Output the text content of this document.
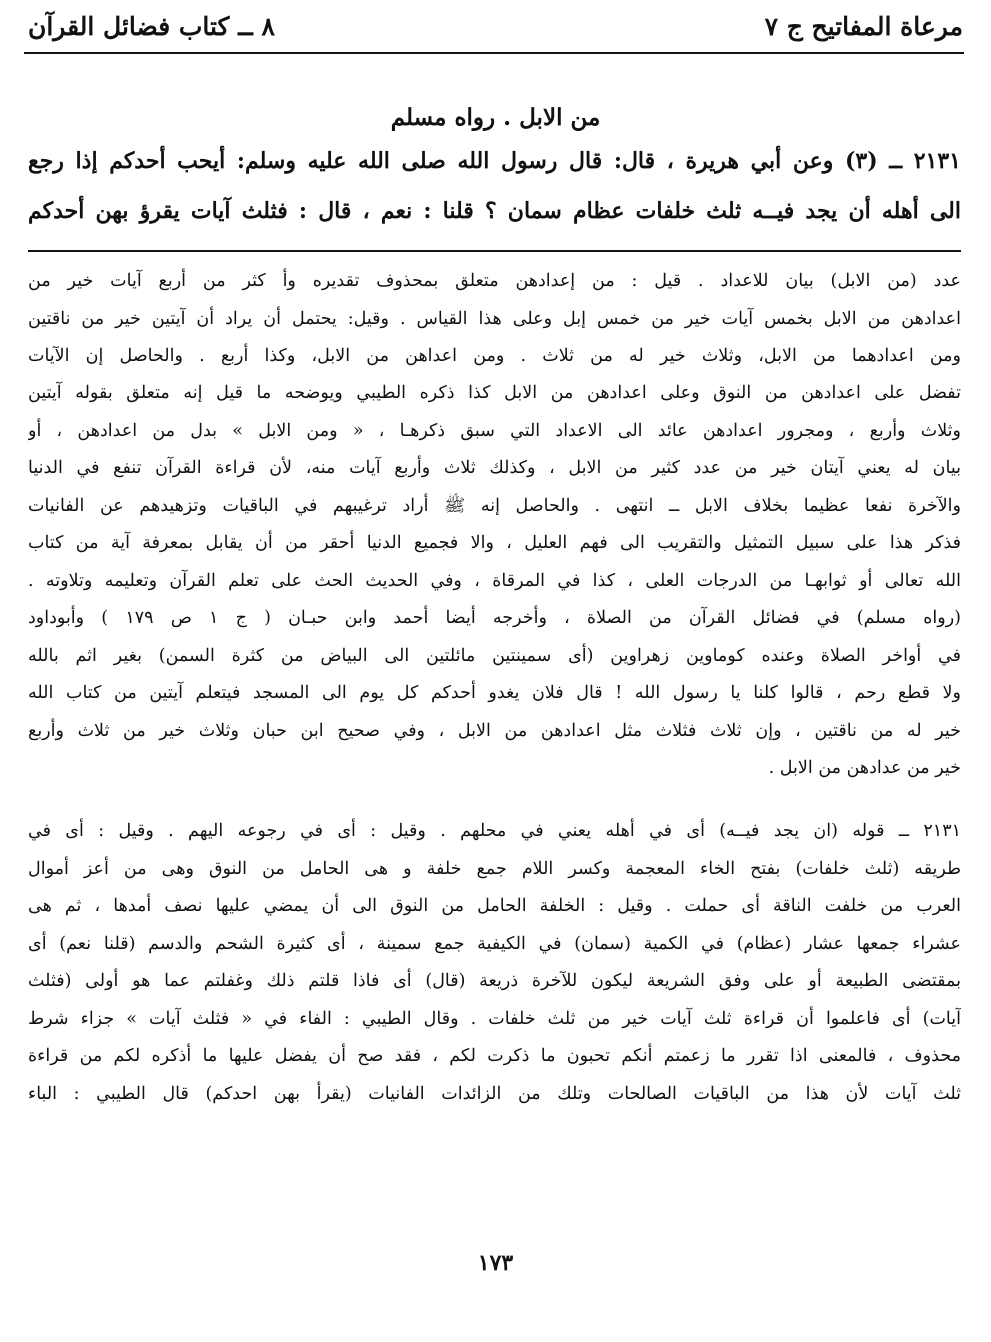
مرعاة المفاتيح ج ٧
٨ ــ كتاب فضائل القرآن
من الابل . رواه مسلم
٢١٣١ ــ (٣) وعن أبي هريرة ، قال: قال رسول الله صلى الله عليه وسلم: أيحب أحدكم إذا رجع
الى أهله أن يجد فيــه ثلث خلفات عظام سمان ؟ قلنا : نعم ، قال : فثلث آيات يقرؤ بهن أحدكم
عدد (من الابل) بيان للاعداد . قيل : من إعدادهن متعلق بمحذوف تقديره وأ كثر من أربع آيات خير من
اعدادهن من الابل بخمس آيات خير من خمس إبل وعلى هذا القياس . وقيل: يحتمل أن يراد أن آيتين خير من ناقتين
ومن اعدادهما من الابل، وثلاث خير له من ثلاث . ومن اعداهن من الابل، وكذا أربع . والحاصل إن الآيات
تفضل على اعدادهن من النوق وعلى اعدادهن من الابل كذا ذكره الطيبي ويوضحه ما قيل إنه متعلق بقوله آيتين
وثلاث وأربع ، ومجرور اعدادهن عائد الى الاعداد التي سبق ذكرهـا ، « ومن الابل » بدل من اعدادهن ، أو
بيان له يعني آيتان خير من عدد كثير من الابل ، وكذلك ثلاث وأربع آيات منه، لأن قراءة القرآن تنفع في الدنيا
والآخرة نفعا عظيما بخلاف الابل ــ انتهى . والحاصل إنه ﷺ أراد ترغيبهم في الباقيات وتزهيدهم عن الفانيات
فذكر هذا على سبيل التمثيل والتقريب الى فهم العليل ، والا فجميع الدنيا أحقر من أن يقابل بمعرفة آية من كتاب
الله تعالى أو ثوابهـا من الدرجات العلى ، كذا في المرقاة ، وفي الحديث الحث على تعلم القرآن وتعليمه وتلاوته .
(رواه مسلم) في فضائل القرآن من الصلاة ، وأخرجه أيضا أحمد وابن حبـان ( ج ١ ص ١٧٩ ) وأبوداود
في أواخر الصلاة وعنده كوماوين زهراوين (أى سمينتين مائلتين الى البياض من كثرة السمن) بغير اثم بالله
ولا قطع رحم ، قالوا كلنا يا رسول الله ! قال فلان يغدو أحدكم كل يوم الى المسجد فيتعلم آيتين من كتاب الله
خير له من ناقتين ، وإن ثلاث فثلاث مثل اعدادهن من الابل ، وفي صحيح ابن حبان وثلاث خير من ثلاث وأربع
خير من عدادهن من الابل .
٢١٣١ ــ قوله (ان يجد فيــه) أى في أهله يعني في محلهم . وقيل : أى في رجوعه اليهم . وقيل : أى في
طريقه (ثلث خلفات) بفتح الخاء المعجمة وكسر اللام جمع خلفة و هى الحامل من النوق وهى من أعز أموال
العرب من خلفت الناقة أى حملت . وقيل : الخلفة الحامل من النوق الى أن يمضي عليها نصف أمدها ، ثم هى
عشراء جمعها عشار (عظام) في الكمية (سمان) في الكيفية جمع سمينة ، أى كثيرة الشحم والدسم (قلنا نعم) أى
بمقتضى الطبيعة أو على وفق الشريعة ليكون للآخرة ذريعة (قال) أى فاذا قلتم ذلك وغفلتم عما هو أولى (فثلث
آيات) أى فاعلموا أن قراءة ثلث آيات خير من ثلث خلفات . وقال الطيبي : الفاء في « فثلث آيات » جزاء شرط
محذوف ، فالمعنى اذا تقرر ما زعمتم أنكم تحبون ما ذكرت لكم ، فقد صح أن يفضل عليها ما أذكره لكم من قراءة
ثلث آيات لأن هذا من الباقيات الصالحات وتلك من الزائدات الفانيات (يقرأ بهن احدكم) قال الطيبي : الباء
١٧٣
